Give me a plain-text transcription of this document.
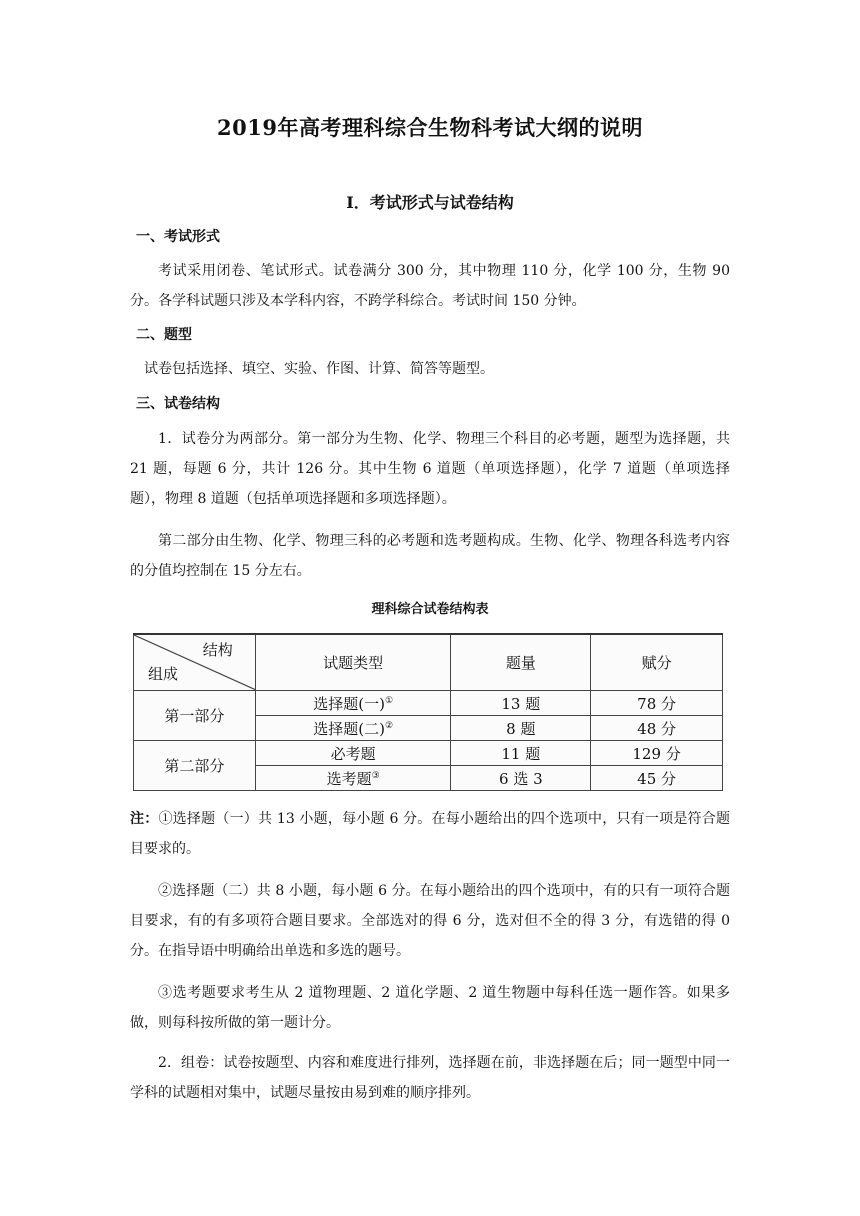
2019年高考理科综合生物科考试大纲的说明
I．考试形式与试卷结构
一、考试形式
考试采用闭卷、笔试形式。试卷满分 300 分，其中物理 110 分，化学 100 分，生物 90 分。各学科试题只涉及本学科内容，不跨学科综合。考试时间 150 分钟。
二、题型
试卷包括选择、填空、实验、作图、计算、简答等题型。
三、试卷结构
1．试卷分为两部分。第一部分为生物、化学、物理三个科目的必考题，题型为选择题，共 21 题，每题 6 分，共计 126 分。其中生物 6 道题（单项选择题），化学 7 道题（单项选择题），物理 8 道题（包括单项选择题和多项选择题）。
第二部分由生物、化学、物理三科的必考题和选考题构成。生物、化学、物理各科选考内容的分值均控制在 15 分左右。
理科综合试卷结构表
结构
组成	试题类型	题量	赋分
第一部分	选择题(一)①	13 题	78 分
	选择题(二)②	8 题	48 分
第二部分	必考题	11 题	129 分
	选考题③	6 选 3	45 分
注：①选择题（一）共 13 小题，每小题 6 分。在每小题给出的四个选项中，只有一项是符合题目要求的。
②选择题（二）共 8 小题，每小题 6 分。在每小题给出的四个选项中，有的只有一项符合题目要求，有的有多项符合题目要求。全部选对的得 6 分，选对但不全的得 3 分，有选错的得 0 分。在指导语中明确给出单选和多选的题号。
③选考题要求考生从 2 道物理题、2 道化学题、2 道生物题中每科任选一题作答。如果多做，则每科按所做的第一题计分。
2．组卷：试卷按题型、内容和难度进行排列，选择题在前，非选择题在后；同一题型中同一学科的试题相对集中，试题尽量按由易到难的顺序排列。
